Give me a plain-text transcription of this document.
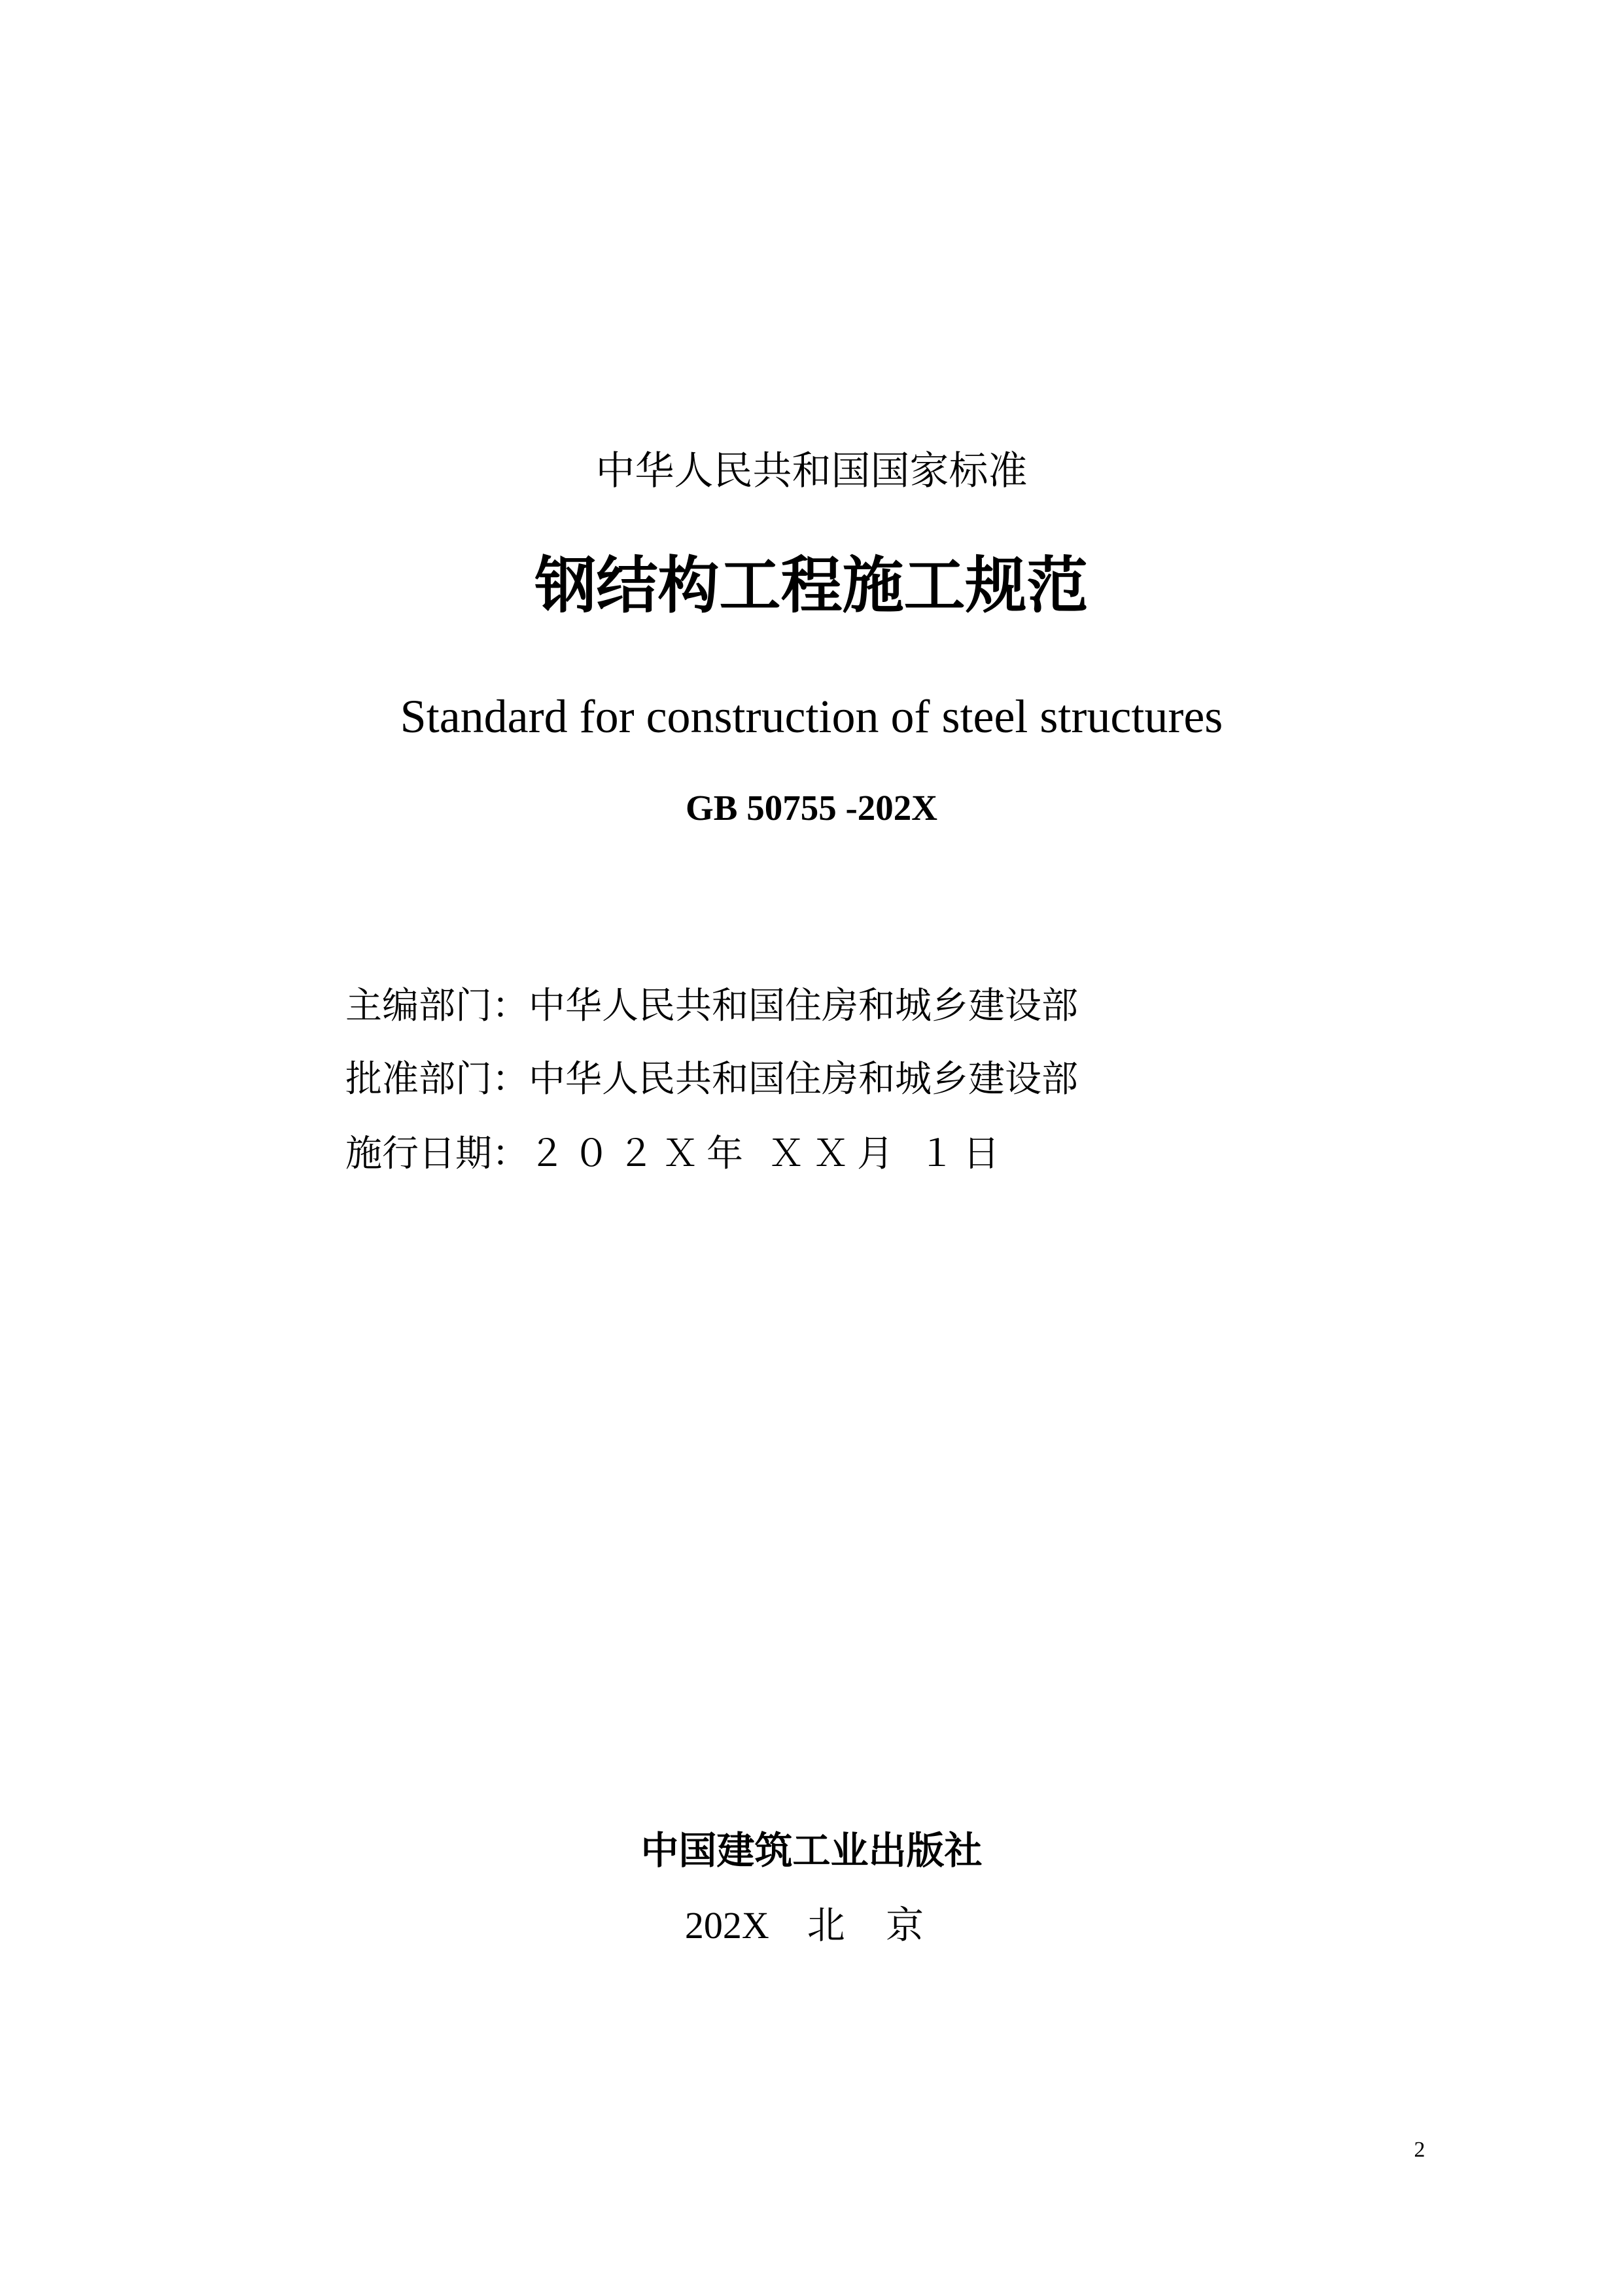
中华人民共和国国家标准
钢结构工程施工规范
Standard for construction of steel structures
GB 50755 -202X
主编部门：中华人民共和国住房和城乡建设部
批准部门：中华人民共和国住房和城乡建设部
施行日期：２０２Ｘ年 ＸＸ月 １日
中国建筑工业出版社
202X 北 京
2
